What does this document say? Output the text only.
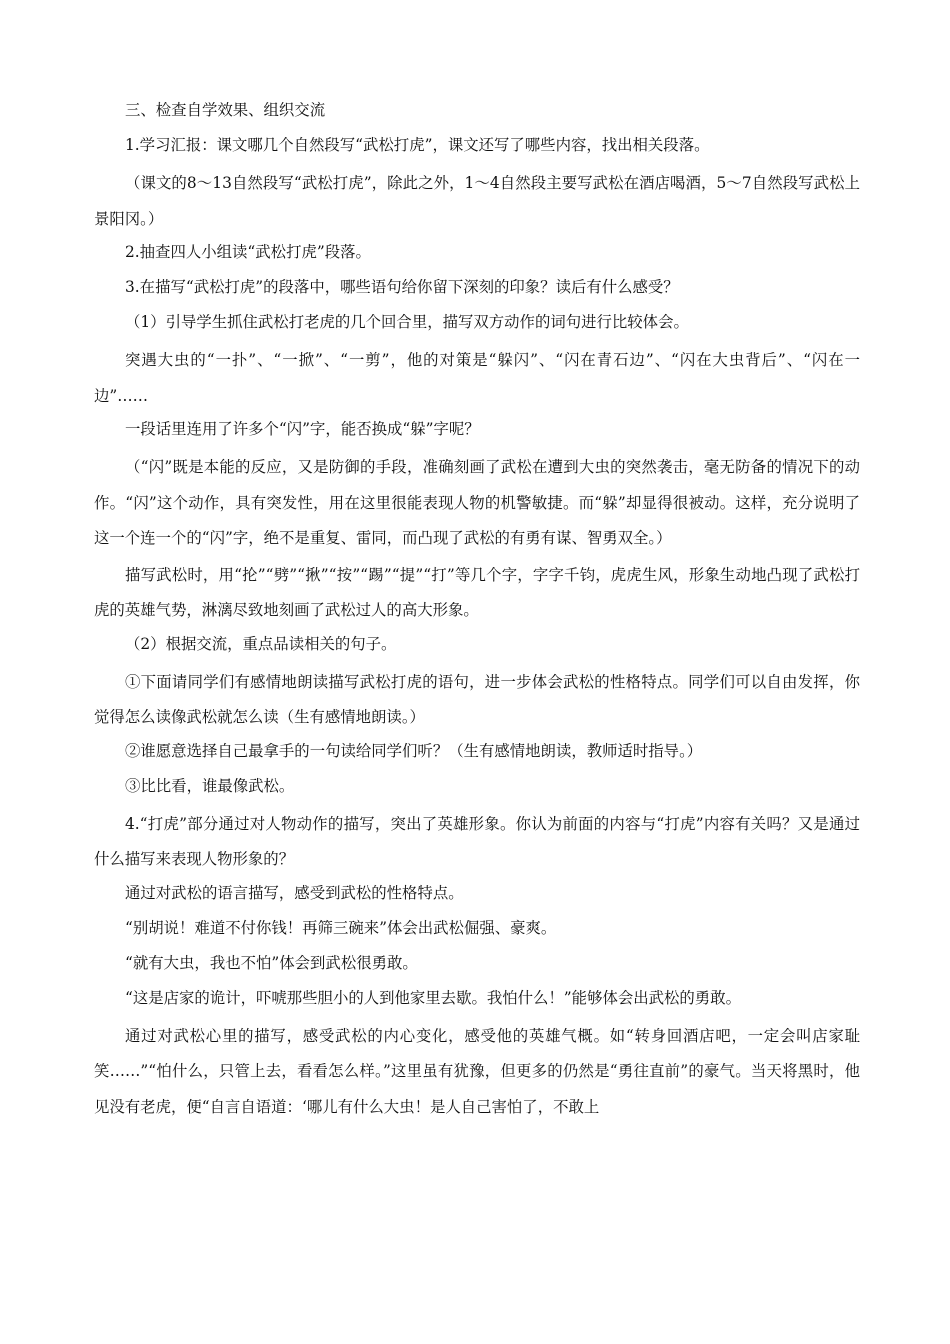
三、检查自学效果、组织交流

1.学习汇报：课文哪几个自然段写“武松打虎”，课文还写了哪些内容，找出相关段落。

（课文的8～13自然段写“武松打虎”，除此之外，1～4自然段主要写武松在酒店喝酒，5～7自然段写武松上景阳冈。）

2.抽查四人小组读“武松打虎”段落。

3.在描写“武松打虎”的段落中，哪些语句给你留下深刻的印象？读后有什么感受？

（1）引导学生抓住武松打老虎的几个回合里，描写双方动作的词句进行比较体会。

突遇大虫的“一扑”、“一掀”、“一剪”，他的对策是“躲闪”、“闪在青石边”、“闪在大虫背后”、“闪在一边”……

一段话里连用了许多个“闪”字，能否换成“躲”字呢？

（“闪”既是本能的反应，又是防御的手段，准确刻画了武松在遭到大虫的突然袭击，毫无防备的情况下的动作。“闪”这个动作，具有突发性，用在这里很能表现人物的机警敏捷。而“躲”却显得很被动。这样，充分说明了这一个连一个的“闪”字，绝不是重复、雷同，而凸现了武松的有勇有谋、智勇双全。）

描写武松时，用“抡”“劈”“揪”“按”“踢”“提”“打”等几个字，字字千钧，虎虎生风，形象生动地凸现了武松打虎的英雄气势，淋漓尽致地刻画了武松过人的高大形象。

（2）根据交流，重点品读相关的句子。

①下面请同学们有感情地朗读描写武松打虎的语句，进一步体会武松的性格特点。同学们可以自由发挥，你觉得怎么读像武松就怎么读（生有感情地朗读。）

②谁愿意选择自己最拿手的一句读给同学们听？（生有感情地朗读，教师适时指导。）

③比比看，谁最像武松。

4.“打虎”部分通过对人物动作的描写，突出了英雄形象。你认为前面的内容与“打虎”内容有关吗？又是通过什么描写来表现人物形象的？

通过对武松的语言描写，感受到武松的性格特点。

“别胡说！难道不付你钱！再筛三碗来”体会出武松倔强、豪爽。

“就有大虫，我也不怕”体会到武松很勇敢。

“这是店家的诡计，吓唬那些胆小的人到他家里去歇。我怕什么！”能够体会出武松的勇敢。

通过对武松心里的描写，感受武松的内心变化，感受他的英雄气概。如“转身回酒店吧，一定会叫店家耻笑……”“怕什么，只管上去，看看怎么样。”这里虽有犹豫，但更多的仍然是“勇往直前”的豪气。当天将黑时，他见没有老虎，便“自言自语道：‘哪儿有什么大虫！是人自己害怕了，不敢上
